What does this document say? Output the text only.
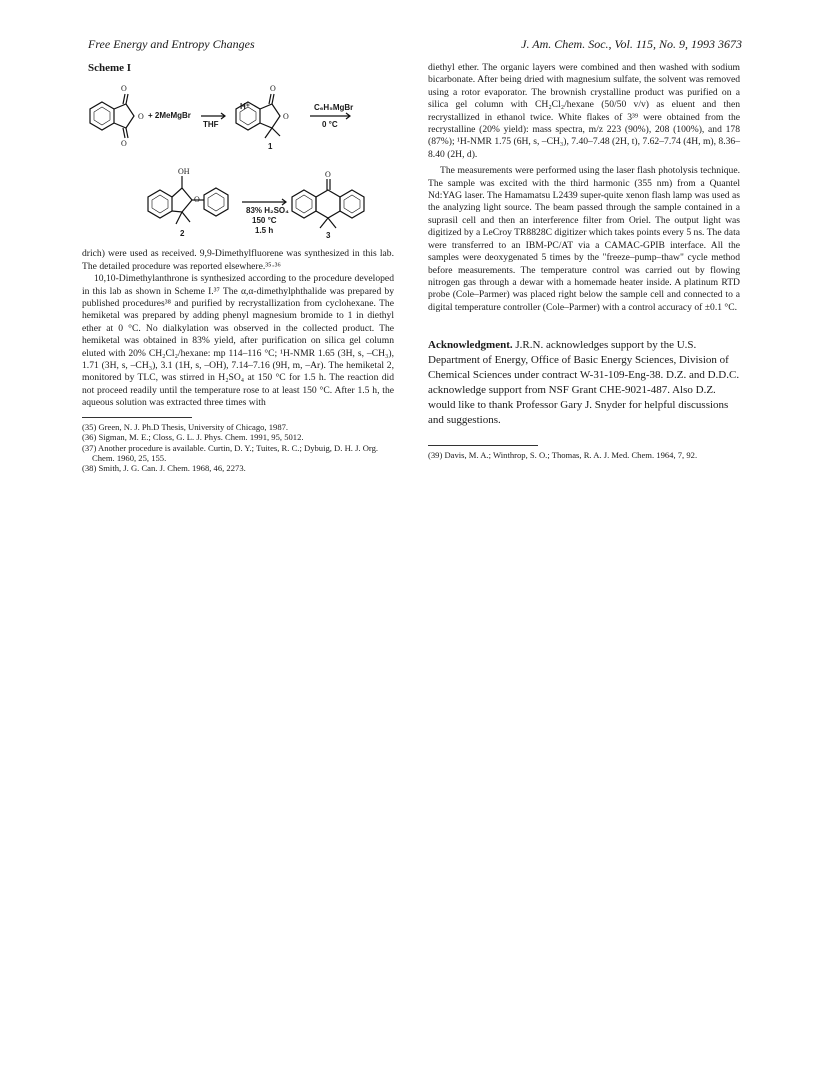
Free Energy and Entropy Changes	J. Am. Chem. Soc., Vol. 115, No. 9, 1993 3673
Scheme I
O
O
O
+ 2MeMgBr
THF
H⁺
O
O
1
C₆H₅MgBr
0 °C
OH
O
2
83% H₂SO₄
150 °C
1.5 h
O
3

drich) were used as received. 9,9-Dimethylfluorene was synthesized in this lab. The detailed procedure was reported elsewhere.³⁵·³⁶

10,10-Dimethylanthrone is synthesized according to the procedure developed in this lab as shown in Scheme I.³⁷ The α,α-dimethylphthalide was prepared by published procedures³⁸ and purified by recrystallization from cyclohexane. The hemiketal was prepared by adding phenyl magnesium bromide to 1 in diethyl ether at 0 °C. No dialkylation was observed in the collected product. The hemiketal was obtained in 83% yield, after purification on silica gel column eluted with 20% CH₂Cl₂/hexane: mp 114–116 °C; ¹H-NMR 1.65 (3H, s, –CH₃), 1.71 (3H, s, –CH₃), 3.1 (1H, s, –OH), 7.14–7.16 (9H, m, –Ar). The hemiketal 2, monitored by TLC, was stirred in H₂SO₄ at 150 °C for 1.5 h. The reaction did not proceed readily until the temperature rose to at least 150 °C. After 1.5 h, the aqueous solution was extracted three times with

(35) Green, N. J. Ph.D Thesis, University of Chicago, 1987.

(36) Sigman, M. E.; Closs, G. L. J. Phys. Chem. 1991, 95, 5012.

(37) Another procedure is available. Curtin, D. Y.; Tuites, R. C.; Dybuig, D. H. J. Org. Chem. 1960, 25, 155.

(38) Smith, J. G. Can. J. Chem. 1968, 46, 2273.

diethyl ether. The organic layers were combined and then washed with sodium bicarbonate. After being dried with magnesium sulfate, the solvent was removed using a rotor evaporator. The brownish crystalline product was purified on a silica gel column with CH₂Cl₂/hexane (50/50 v/v) as eluent and then recrystallized in ethanol twice. White flakes of 3³⁹ were obtained from the recrystalline (20% yield): mass spectra, m/z 223 (90%), 208 (100%), and 178 (87%); ¹H-NMR 1.75 (6H, s, –CH₃), 7.40–7.48 (2H, t), 7.62–7.74 (4H, m), 8.36–8.40 (2H, d).

The measurements were performed using the laser flash photolysis technique. The sample was excited with the third harmonic (355 nm) from a Quantel Nd:YAG laser. The Hamamatsu L2439 super-quite xenon flash lamp was used as the analyzing light source. The beam passed through the sample contained in a suprasil cell and then an interference filter from Oriel. The output light was digitized by a LeCroy TR8828C digitizer which takes points every 5 ns. The data were transferred to an IBM-PC/AT via a CAMAC-GPIB interface. All the samples were deoxygenated 5 times by the "freeze–pump–thaw" cycle method before measurements. The temperature control was carried out by flowing nitrogen gas through a dewar with a homemade heater inside. A platinum RTD probe (Cole–Parmer) was placed right below the sample cell and connected to a digital temperature controller (Cole–Parmer) with a control accuracy of ±0.1 °C.

Acknowledgment. J.R.N. acknowledges support by the U.S. Department of Energy, Office of Basic Energy Sciences, Division of Chemical Sciences under contract W-31-109-Eng-38. D.Z. and D.D.C. acknowledge support from NSF Grant CHE-9021-487. Also D.Z. would like to thank Professor Gary J. Snyder for helpful discussions and suggestions.

(39) Davis, M. A.; Winthrop, S. O.; Thomas, R. A. J. Med. Chem. 1964, 7, 92.
